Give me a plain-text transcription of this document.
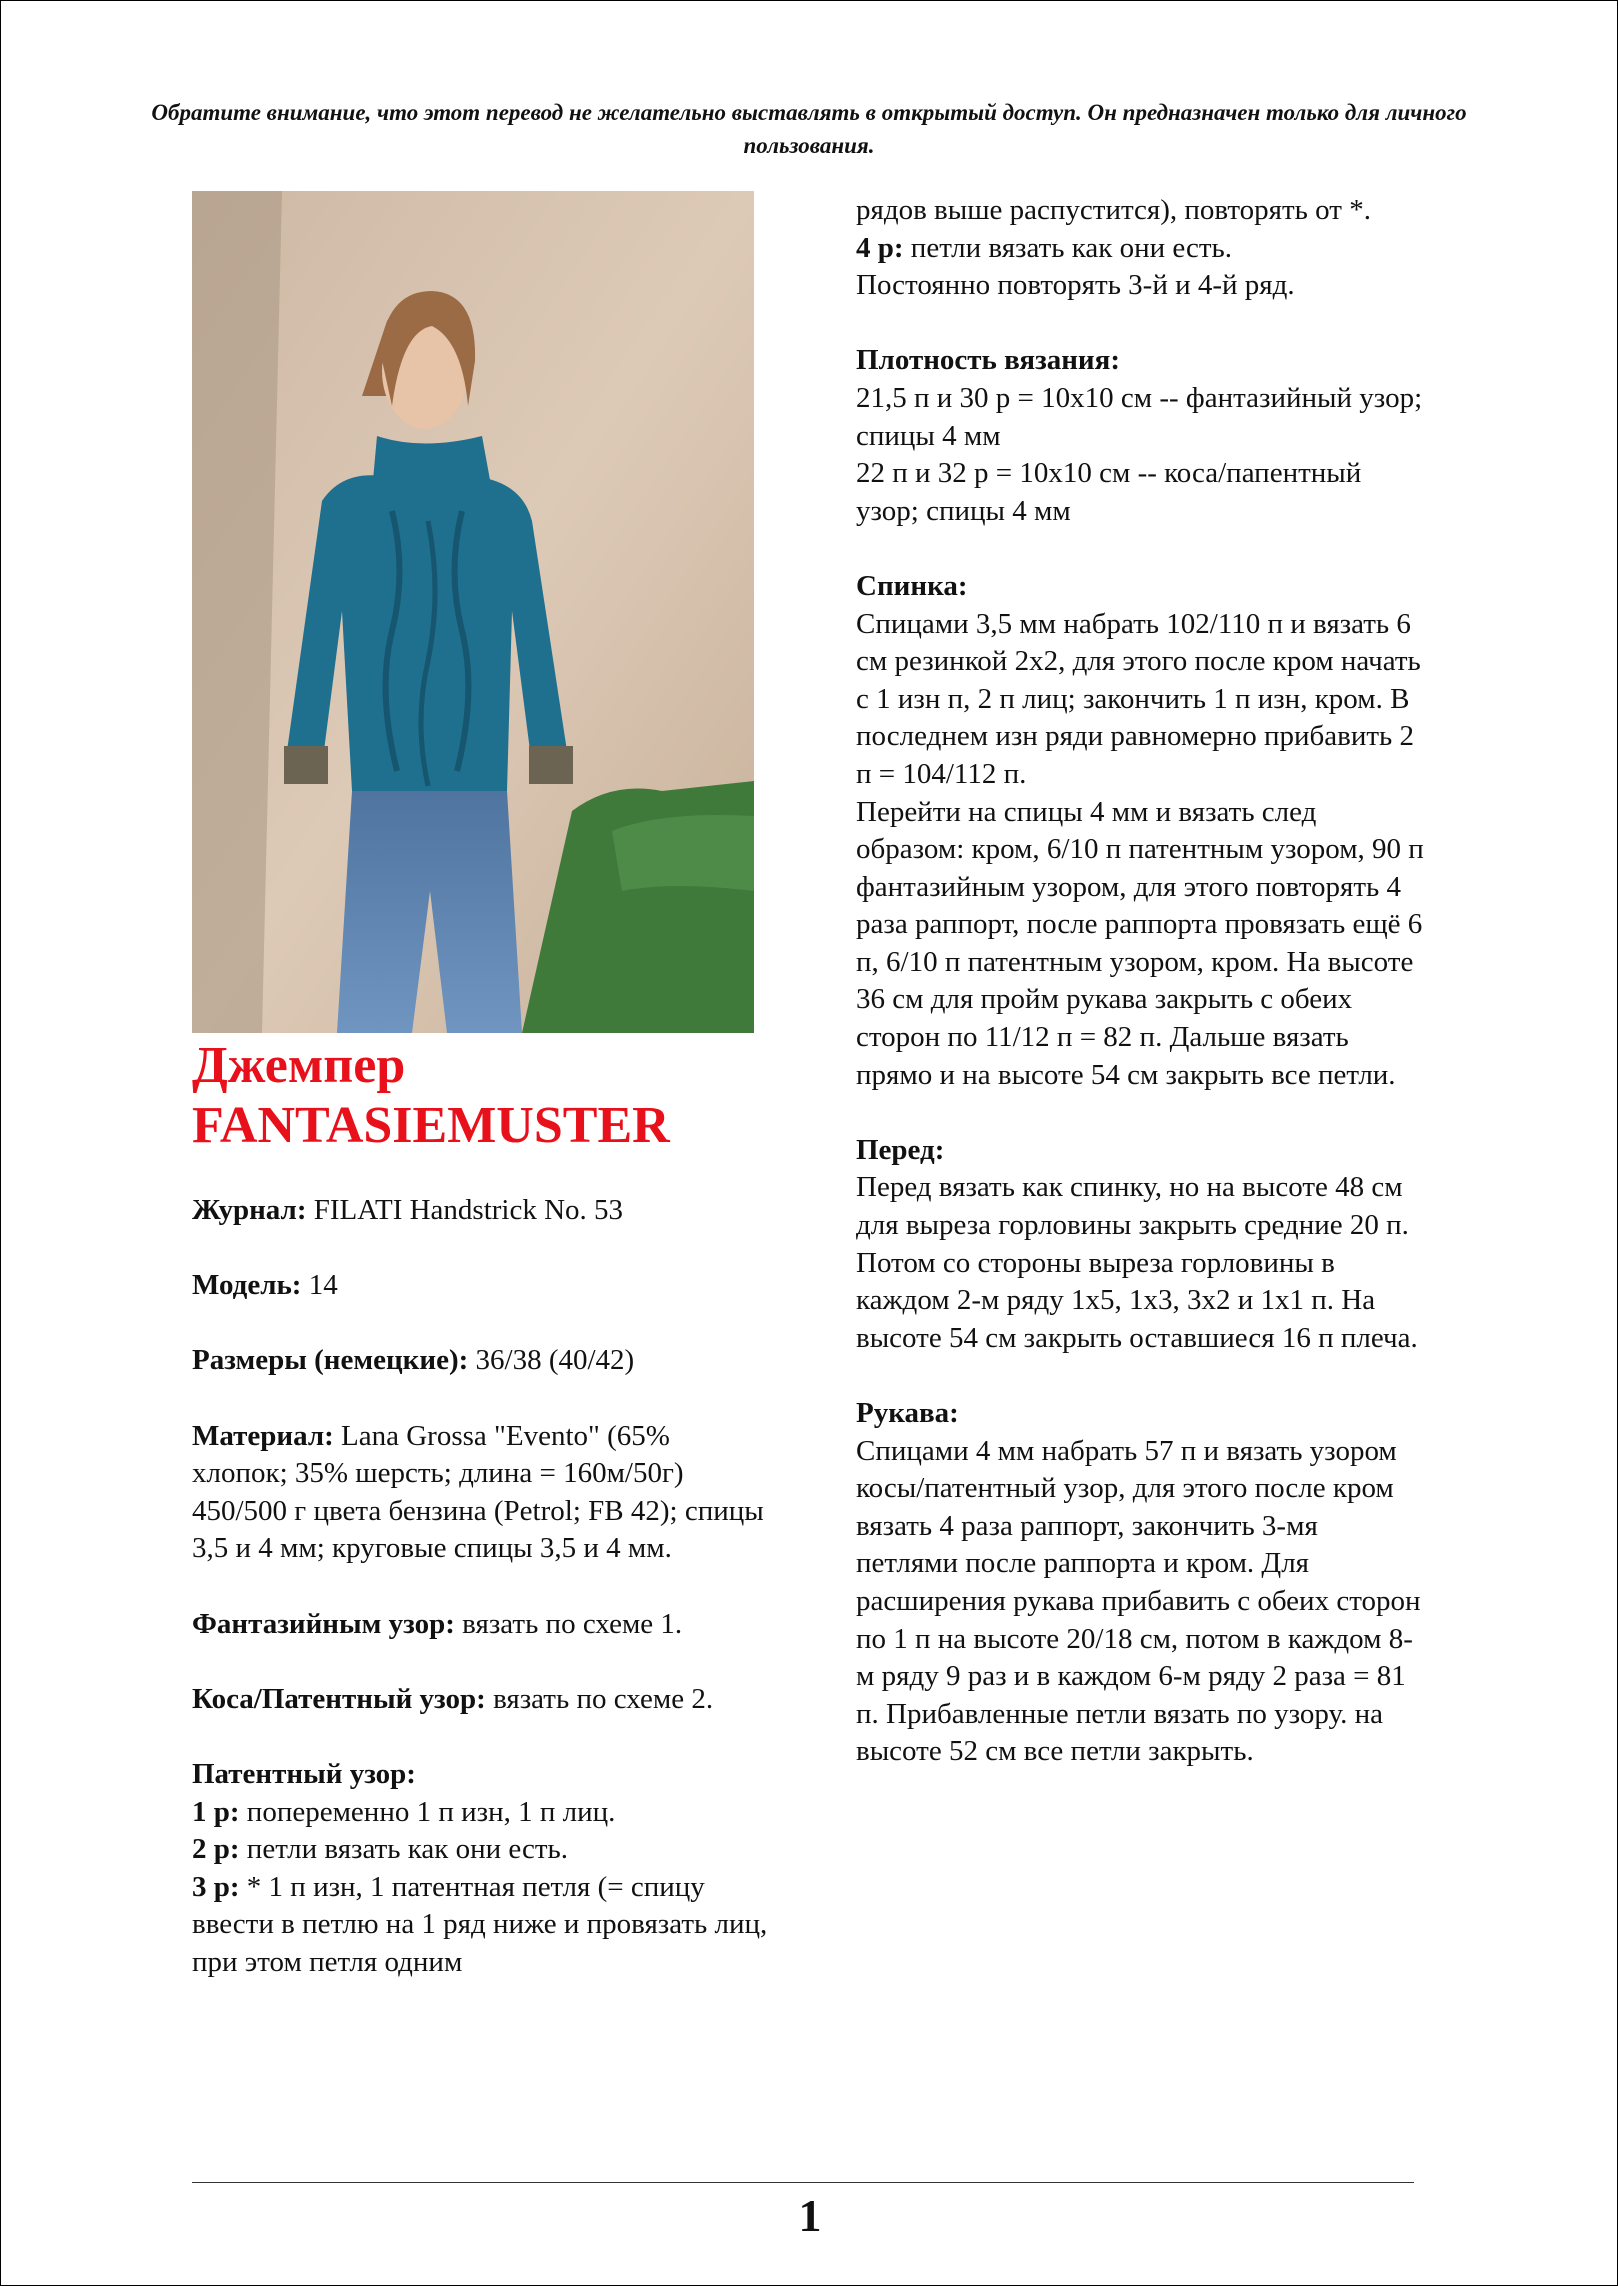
Обратите внимание, что этот перевод не желательно выставлять в открытый доступ. Он предназначен только для личного пользования.
Джемпер
FANTASIEMUSTER

Журнал: FILATI Handstrick No. 53

Модель: 14

Размеры (немецкие): 36/38 (40/42)

Материал: Lana Grossa "Evento" (65% хлопок; 35% шерсть; длина = 160м/50г) 450/500 г цвета бензина (Petrol; FB 42); спицы 3,5 и 4 мм; круговые спицы 3,5 и 4 мм.

Фантазийным узор: вязать по схеме 1.

Коса/Патентный узор: вязать по схеме 2.

Патентный узор:

1 р: попеременно 1 п изн, 1 п лиц.

2 р: петли вязать как они есть.

3 р: * 1 п изн, 1 патентная петля (= спицу ввести в петлю на 1 ряд ниже и провязать лиц, при этом петля одним

рядов выше распустится), повторять от *.

4 р: петли вязать как они есть.

Постоянно повторять 3-й и 4-й ряд.

Плотность вязания:

21,5 п и 30 р = 10x10 см -- фантазийный узор; спицы 4 мм

22 п и 32 р = 10x10 см -- коса/папентный узор; спицы 4 мм

Спинка:

Спицами 3,5 мм набрать 102/110 п и вязать 6 см резинкой 2x2, для этого после кром начать с 1 изн п, 2 п лиц; закончить 1 п изн, кром. В последнем изн ряди равномерно прибавить 2 п = 104/112 п.

Перейти на спицы 4 мм и вязать след образом: кром, 6/10 п патентным узором, 90 п фантазийным узором, для этого повторять 4 раза раппорт, после раппорта провязать ещё 6 п, 6/10 п патентным узором, кром. На высоте 36 см для пройм рукава закрыть с обеих сторон по 11/12 п = 82 п. Дальше вязать прямо и на высоте 54 см закрыть все петли.

Перед:

Перед вязать как спинку, но на высоте 48 см для выреза горловины закрыть средние 20 п. Потом со стороны выреза горловины в каждом 2-м ряду 1x5, 1x3, 3x2 и 1x1 п. На высоте 54 см закрыть оставшиеся 16 п плеча.

Рукава:

Спицами 4 мм набрать 57 п и вязать узором косы/патентный узор, для этого после кром вязать 4 раза раппорт, закончить 3-мя петлями после раппорта и кром. Для расширения рукава прибавить с обеих сторон по 1 п на высоте 20/18 см, потом в каждом 8-м ряду 9 раз и в каждом 6-м ряду 2 раза = 81 п. Прибавленные петли вязать по узору. на высоте 52 см все петли закрыть.

1
